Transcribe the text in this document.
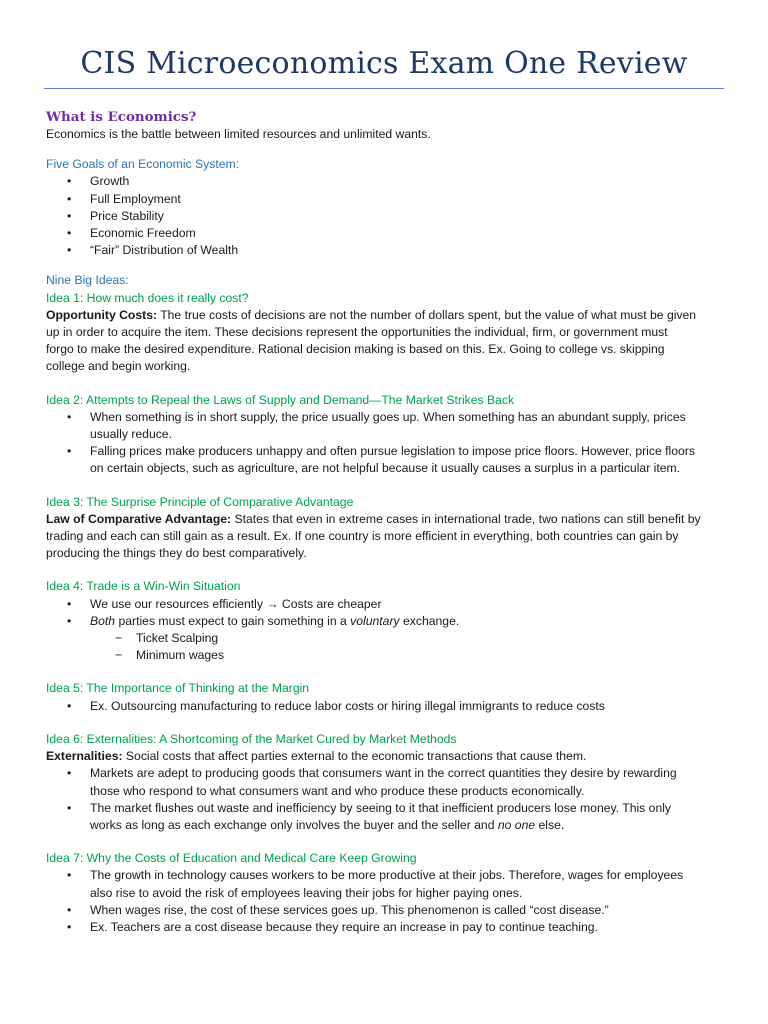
CIS Microeconomics Exam One Review
What is Economics?

Economics is the battle between limited resources and unlimited wants.

Five Goals of an Economic System:

• Growth
• Full Employment
• Price Stability
• Economic Freedom
• “Fair” Distribution of Wealth

Nine Big Ideas:

Idea 1: How much does it really cost?

Opportunity Costs: The true costs of decisions are not the number of dollars spent, but the value of what must be given

up in order to acquire the item. These decisions represent the opportunities the individual, firm, or government must

forgo to make the desired expenditure. Rational decision making is based on this. Ex. Going to college vs. skipping

college and begin working.

Idea 2: Attempts to Repeal the Laws of Supply and Demand—The Market Strikes Back

• When something is in short supply, the price usually goes up. When something has an abundant supply, prices
usually reduce.
• Falling prices make producers unhappy and often pursue legislation to impose price floors. However, price floors
on certain objects, such as agriculture, are not helpful because it usually causes a surplus in a particular item.

Idea 3: The Surprise Principle of Comparative Advantage

Law of Comparative Advantage: States that even in extreme cases in international trade, two nations can still benefit by

trading and each can still gain as a result. Ex. If one country is more efficient in everything, both countries can gain by

producing the things they do best comparatively.

Idea 4: Trade is a Win-Win Situation

• We use our resources efficiently → Costs are cheaper
• Both parties must expect to gain something in a voluntary exchange.
− Ticket Scalping
− Minimum wages

Idea 5: The Importance of Thinking at the Margin

• Ex. Outsourcing manufacturing to reduce labor costs or hiring illegal immigrants to reduce costs

Idea 6: Externalities: A Shortcoming of the Market Cured by Market Methods

Externalities: Social costs that affect parties external to the economic transactions that cause them.

• Markets are adept to producing goods that consumers want in the correct quantities they desire by rewarding
those who respond to what consumers want and who produce these products economically.
• The market flushes out waste and inefficiency by seeing to it that inefficient producers lose money. This only
works as long as each exchange only involves the buyer and the seller and no one else.

Idea 7: Why the Costs of Education and Medical Care Keep Growing

• The growth in technology causes workers to be more productive at their jobs. Therefore, wages for employees
also rise to avoid the risk of employees leaving their jobs for higher paying ones.
• When wages rise, the cost of these services goes up. This phenomenon is called “cost disease.”
• Ex. Teachers are a cost disease because they require an increase in pay to continue teaching.
